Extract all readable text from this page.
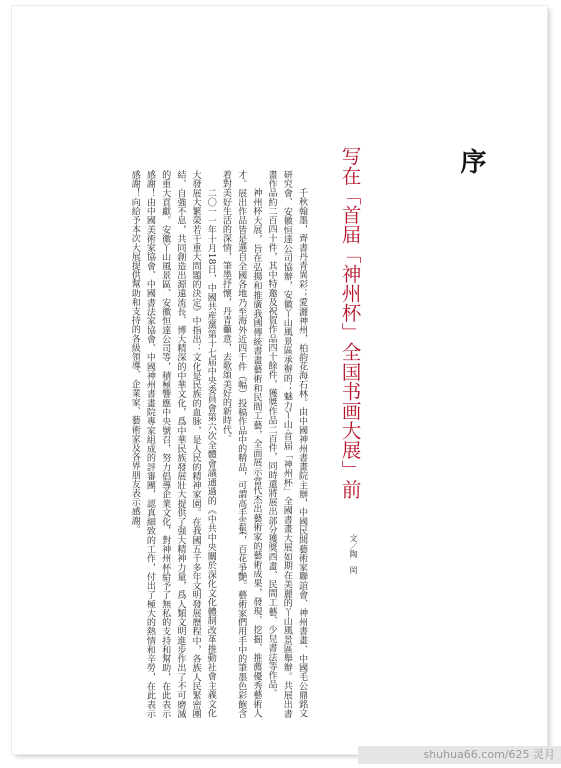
序
写在「首届「神州杯」全国书画大展」前
文／陶　岡

千秋翰墨，齊書丹青異彩；愛灑神州，柏韵花海石林。由中國神州書畫院主辦，中國民間藝術家聯誼會、神州書畫、中國毛公鼎銘文研究會、安徽恒達公司協辦，安徽丫山風景區承辦的；魅力丫山·首届「神州杯」全國書畫大展如期在美麗的丫山風景區舉辦。共展出書畫作品約二百四十件，其中特邀及祝賀作品四十餘件，獲獎作品二百件，同時還將展出部分獲獎西畫、民間工藝、少兒書法等作品。

神州杯大展，旨在弘揚和推廣我國傳統書畫藝術和民間工藝，全面展示當代杰出藝術家的藝術成果，發現、挖掘、推薦優秀藝術人才。展出作品皆是選自全國各地乃至海外近四千件（幅）投稿作品中的精品，可謂高手雲集，百花爭艷。藝術家們用手中的筆墨色彩飽含着對美好生活的深情，筆墨抒懷，丹青籲意，去歌頌美好的新時代。

二〇一一年十月18日，中國共産黨第十七届中央委員會第六次全體會議通過的《中共中央關於深化文化體制改革推動社會主義文化大發展大繁榮若干重大問題的決定》中指出：文化是民族的血脉，是人民的精神家園。在我國五千多年文明發展歷程中，各族人民緊密團結、自強不息，共同創造出源遠流長、博大精深的中華文化，爲中華民族發展壯大提供了强大精神力量，爲人類文明進步作出了不可磨滅的重大貢獻。安徽丫山風景區、安徽恒達公司等，積極響應中央號召，努力倡導企業文化，對神州杯給予了無私的支持和幫助，在此表示感謝！由中國美術家協會、中國書法家協會、中國神州書畫院專家組成的評審團，認真細致的工作，付出了極大的熱情和辛勞，在此表示感謝！向給予本次大展提供幫助和支持的各級領導、企業家、藝術家及各界朋友表示感謝。

shuhua66.com/625 灵月
